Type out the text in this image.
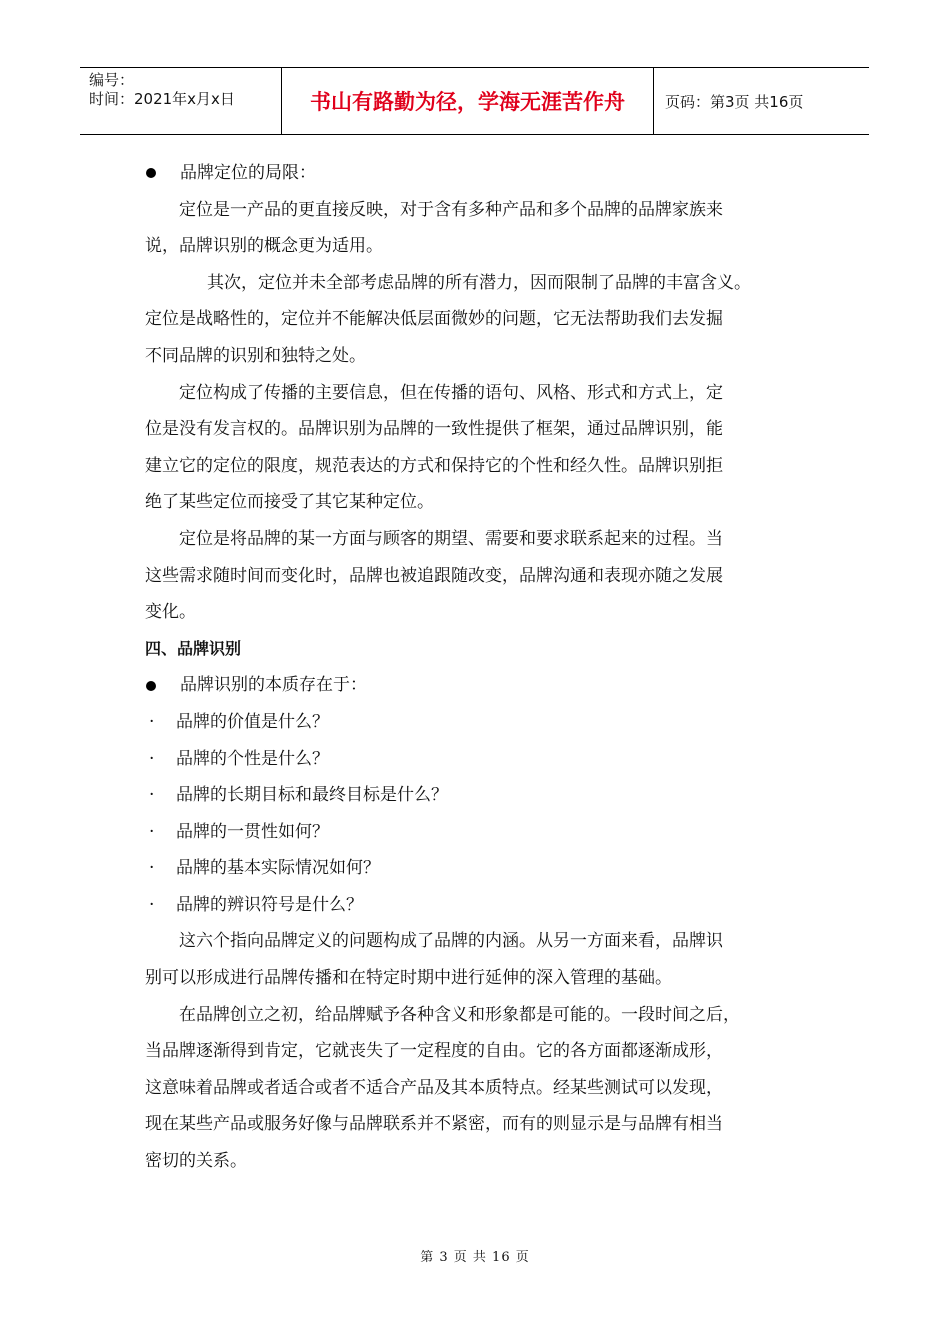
编号：
时间：2021年x月x日	书山有路勤为径，学海无涯苦作舟	页码：第3页 共16页
品牌定位的局限：
定位是一产品的更直接反映，对于含有多种产品和多个品牌的品牌家族来
说，品牌识别的概念更为适用。
其次，定位并未全部考虑品牌的所有潜力，因而限制了品牌的丰富含义。
定位是战略性的，定位并不能解决低层面微妙的问题，它无法帮助我们去发掘
不同品牌的识别和独特之处。
定位构成了传播的主要信息，但在传播的语句、风格、形式和方式上，定
位是没有发言权的。品牌识别为品牌的一致性提供了框架，通过品牌识别，能
建立它的定位的限度，规范表达的方式和保持它的个性和经久性。品牌识别拒
绝了某些定位而接受了其它某种定位。
定位是将品牌的某一方面与顾客的期望、需要和要求联系起来的过程。当
这些需求随时间而变化时，品牌也被追跟随改变，品牌沟通和表现亦随之发展
变化。
四、品牌识别
品牌识别的本质存在于：
· 品牌的价值是什么？
· 品牌的个性是什么？
· 品牌的长期目标和最终目标是什么？
· 品牌的一贯性如何？
· 品牌的基本实际情况如何？
· 品牌的辨识符号是什么？
这六个指向品牌定义的问题构成了品牌的内涵。从另一方面来看，品牌识
别可以形成进行品牌传播和在特定时期中进行延伸的深入管理的基础。
在品牌创立之初，给品牌赋予各种含义和形象都是可能的。一段时间之后，
当品牌逐渐得到肯定，它就丧失了一定程度的自由。它的各方面都逐渐成形，
这意味着品牌或者适合或者不适合产品及其本质特点。经某些测试可以发现，
现在某些产品或服务好像与品牌联系并不紧密，而有的则显示是与品牌有相当
密切的关系。
第 3 页 共 16 页
